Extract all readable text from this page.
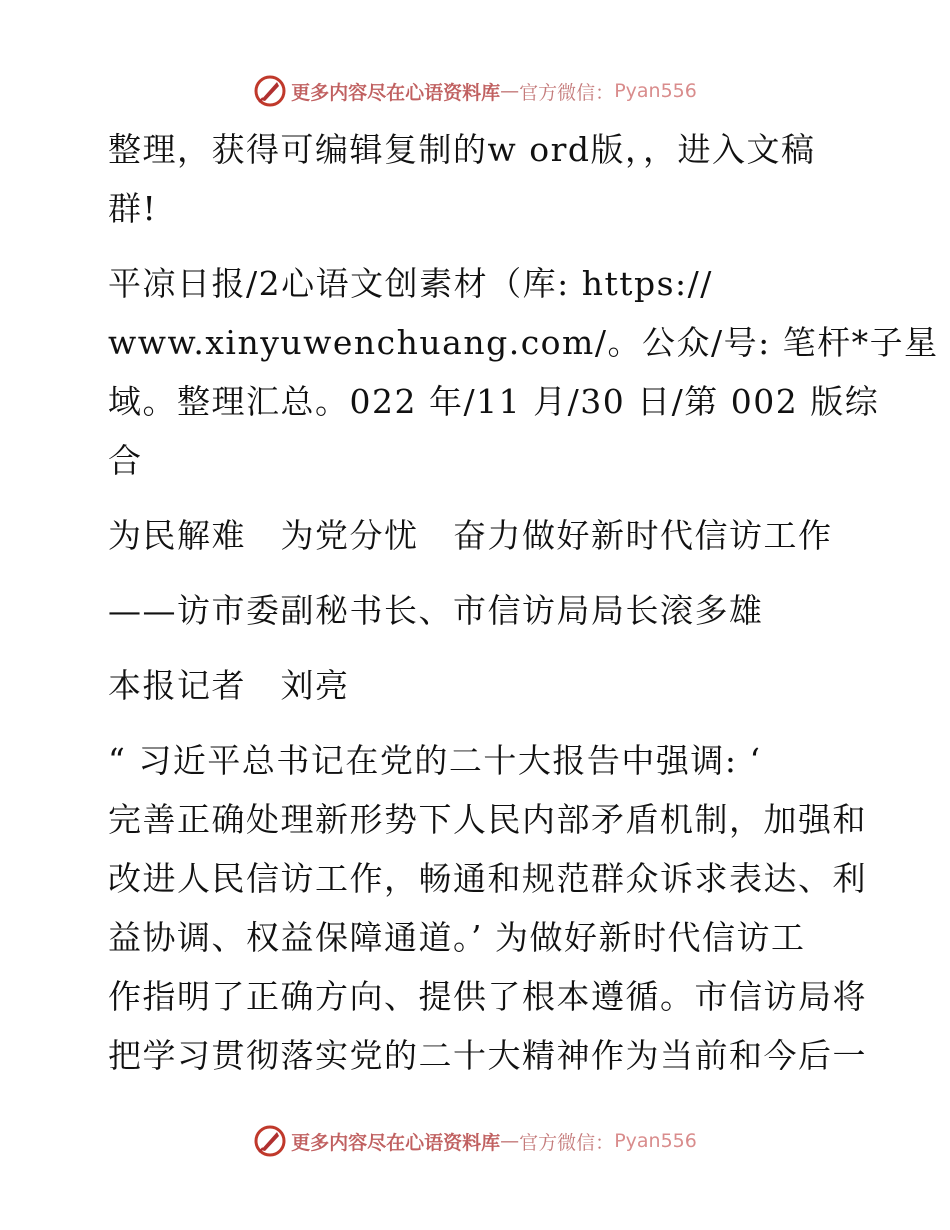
更多内容尽在心语资料库 — 官方微信： Pyan556
整理，获得可编辑复制的w ord版，，进入文稿
群!
平凉日报/2心语文创素材（库: https://
www.xinyuwenchuang.com/。公众/号: 笔杆*子星
域。整理汇总。022 年/11 月/30 日/第 002 版综
合
为民解难　为党分忧　奋力做好新时代信访工作
——访市委副秘书长、市信访局局长滚多雄
本报记者　刘亮
“ 习近平总书记在党的二十大报告中强调: ‘
完善正确处理新形势下人民内部矛盾机制，加强和
改进人民信访工作，畅通和规范群众诉求表达、利
益协调、权益保障通道。’ 为做好新时代信访工
作指明了正确方向、提供了根本遵循。市信访局将
把学习贯彻落实党的二十大精神作为当前和今后一
更多内容尽在心语资料库 — 官方微信： Pyan556
